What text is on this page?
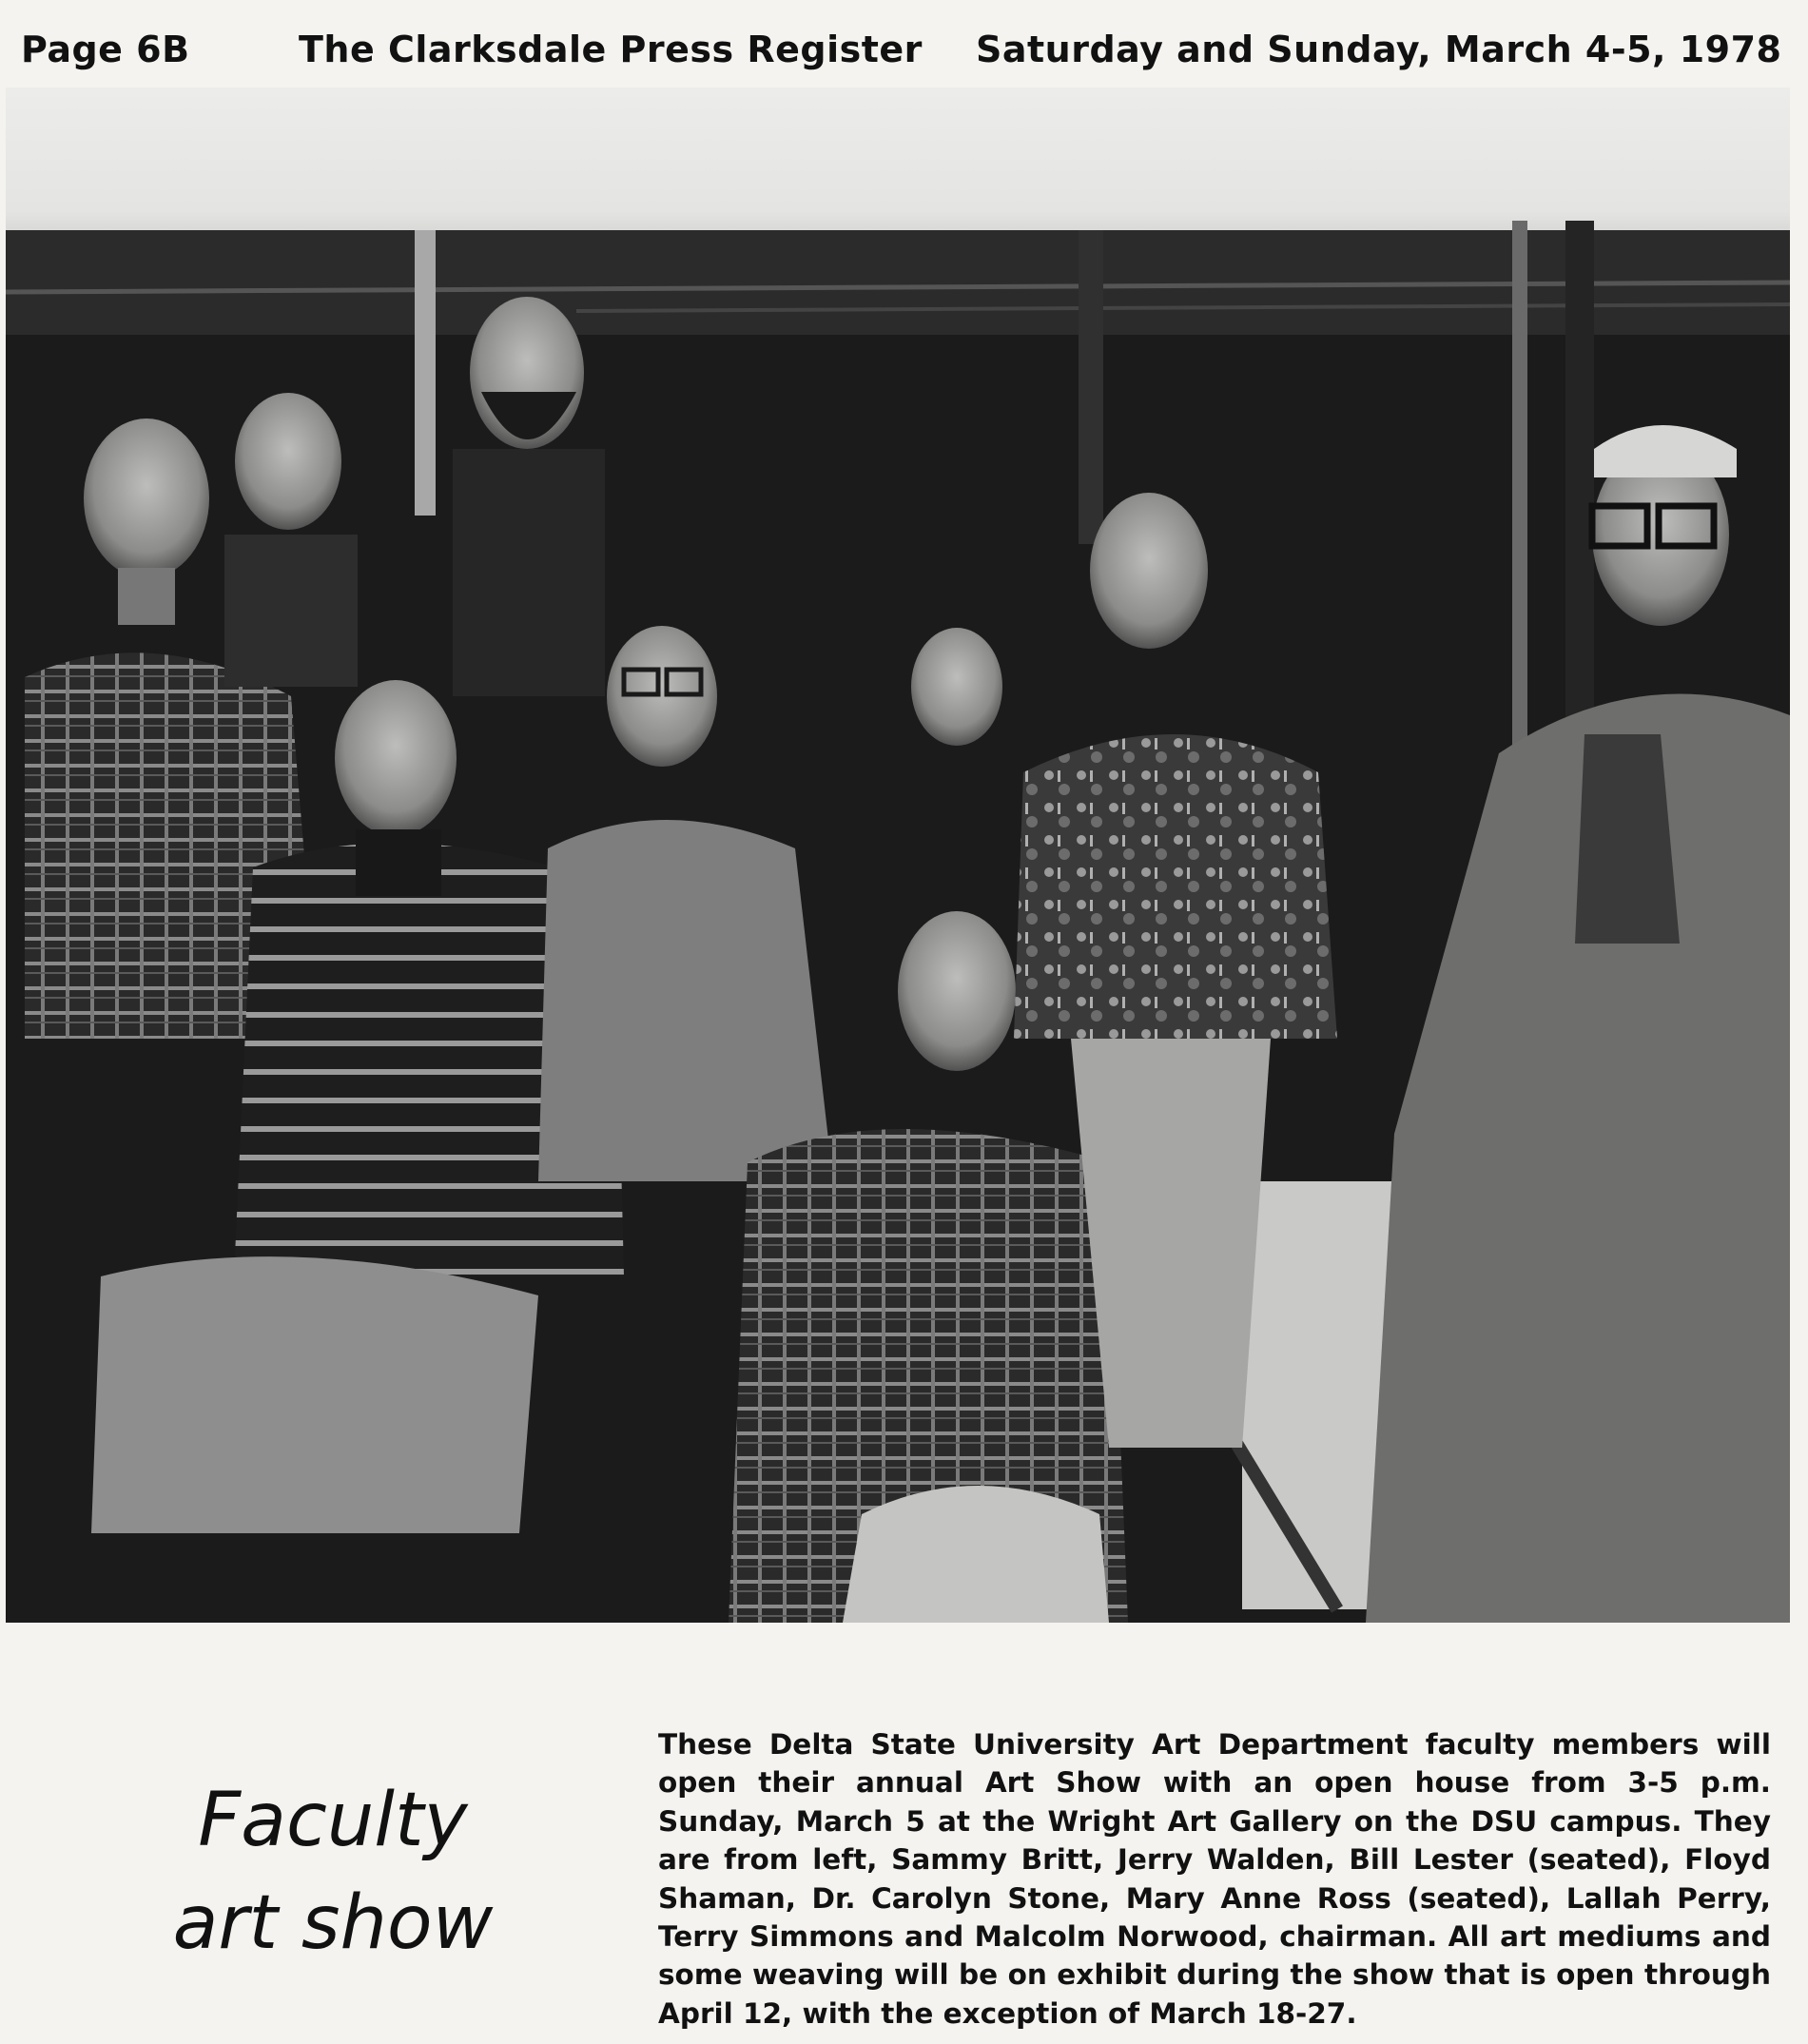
Page 6B	The Clarksdale Press Register Saturday and Sunday, March 4-5, 1978
Faculty
art show
These Delta State University Art Department faculty members will open their annual Art Show with an open house from 3-5 p.m. Sunday, March 5 at the Wright Art Gallery on the DSU campus. They are from left, Sammy Britt, Jerry Walden, Bill Lester (seated), Floyd Shaman, Dr. Carolyn Stone, Mary Anne Ross (seated), Lallah Perry, Terry Simmons and Malcolm Norwood, chairman. All art mediums and some weaving will be on exhibit during the show that is open through April 12, with the exception of March 18-27.
